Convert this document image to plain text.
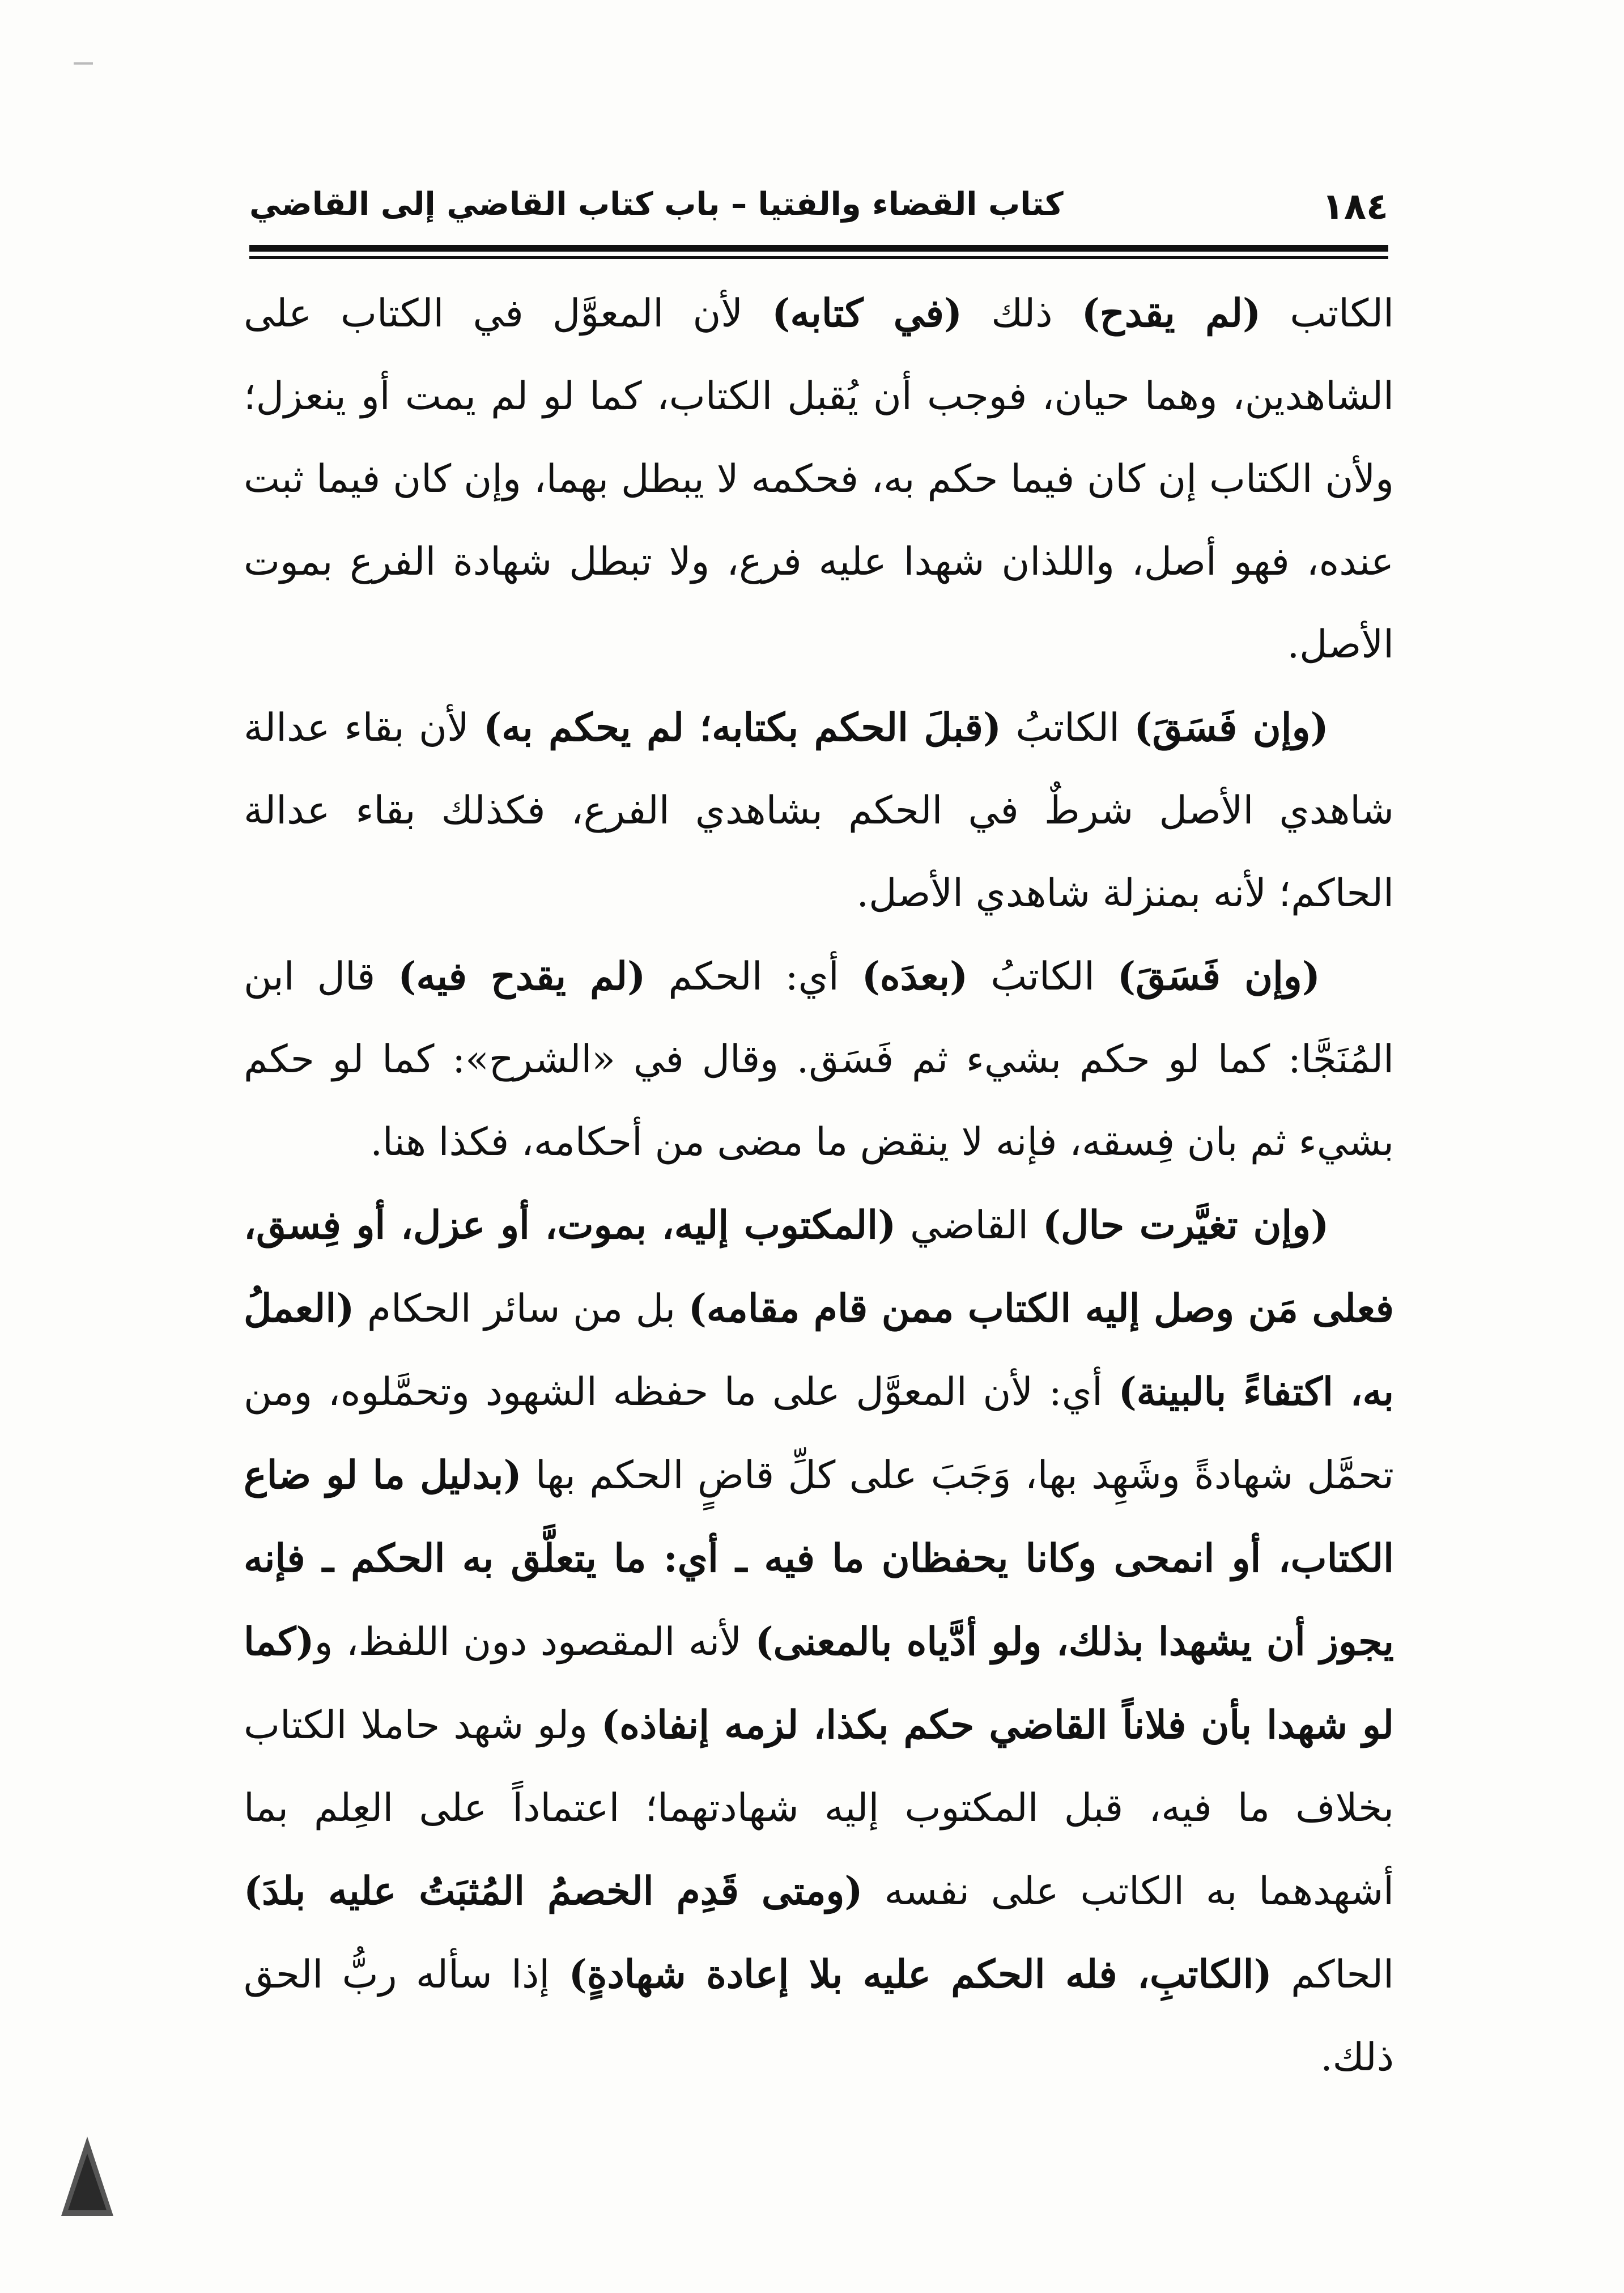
١٨٤
كتاب القضاء والفتيا – باب كتاب القاضي إلى القاضي

الكاتب (لم يقدح) ذلك (في كتابه) لأن المعوَّل في الكتاب على الشاهدين، وهما حيان، فوجب أن يُقبل الكتاب، كما لو لم يمت أو ينعزل؛ ولأن الكتاب إن كان فيما حكم به، فحكمه لا يبطل بهما، وإن كان فيما ثبت عنده، فهو أصل، واللذان شهدا عليه فرع، ولا تبطل شهادة الفرع بموت الأصل.

(وإن فَسَقَ) الكاتبُ (قبلَ الحكم بكتابه؛ لم يحكم به) لأن بقاء عدالة شاهدي الأصل شرطٌ في الحكم بشاهدي الفرع، فكذلك بقاء عدالة الحاكم؛ لأنه بمنزلة شاهدي الأصل.

(وإن فَسَقَ) الكاتبُ (بعدَه) أي: الحكم (لم يقدح فيه) قال ابن المُنَجَّا: كما لو حكم بشيء ثم فَسَق. وقال في «الشرح»: كما لو حكم بشيء ثم بان فِسقه، فإنه لا ينقض ما مضى من أحكامه، فكذا هنا.

(وإن تغيَّرت حال) القاضي (المكتوب إليه، بموت، أو عزل، أو فِسق، فعلى مَن وصل إليه الكتاب ممن قام مقامه) بل من سائر الحكام (العملُ به، اكتفاءً بالبينة) أي: لأن المعوَّل على ما حفظه الشهود وتحمَّلوه، ومن تحمَّل شهادةً وشَهِد بها، وَجَبَ على كلِّ قاضٍ الحكم بها (بدليل ما لو ضاع الكتاب، أو انمحى وكانا يحفظان ما فيه ـ أي: ما يتعلَّق به الحكم ـ فإنه يجوز أن يشهدا بذلك، ولو أدَّياه بالمعنى) لأنه المقصود دون اللفظ، و(كما لو شهدا بأن فلاناً القاضي حكم بكذا، لزمه إنفاذه) ولو شهد حاملا الكتاب بخلاف ما فيه، قبل المكتوب إليه شهادتهما؛ اعتماداً على العِلم بما أشهدهما به الكاتب على نفسه (ومتى قَدِم الخصمُ المُثبَتُ عليه بلدَ) الحاكم (الكاتبِ، فله الحكم عليه بلا إعادة شهادةٍ) إذا سأله ربُّ الحق ذلك.
